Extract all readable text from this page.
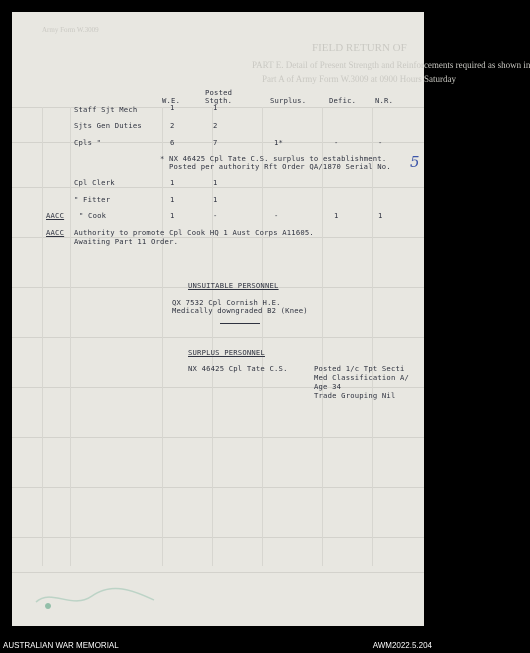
FIELD RETURN OF
PART E. Detail of Present Strength and Reinforcements required as shown in
Part A of Army Form W.3009 at 0900 Hours Saturday
Army Form W.3009
Posted
W.E.	Stgth.	Surplus.	Defic.	N.R.
Staff Sjt Mech	1	1
Sjts Gen Duties	2	2
Cpls "	6	7	1*	-	-
* NX 46425 Cpl Tate C.S. surplus to establishment.
Posted per authority Rft Order QA/1870 Serial No. 5
Cpl Clerk	1	1
" Fitter	1	1
AACC " Cook	1	-	-	1	1
AACC Authority to promote Cpl Cook HQ 1 Aust Corps A11605.
Awaiting Part 11 Order.
UNSUITABLE PERSONNEL
QX 7532 Cpl Cornish H.E.
Medically downgraded B2 (Knee)
SURPLUS PERSONNEL
NX 46425 Cpl Tate C.S.	Posted 1/c Tpt Secti
Med Classification A/
Age 34
Trade Grouping Nil
AUSTRALIAN WAR MEMORIAL	AWM2022.5.204
